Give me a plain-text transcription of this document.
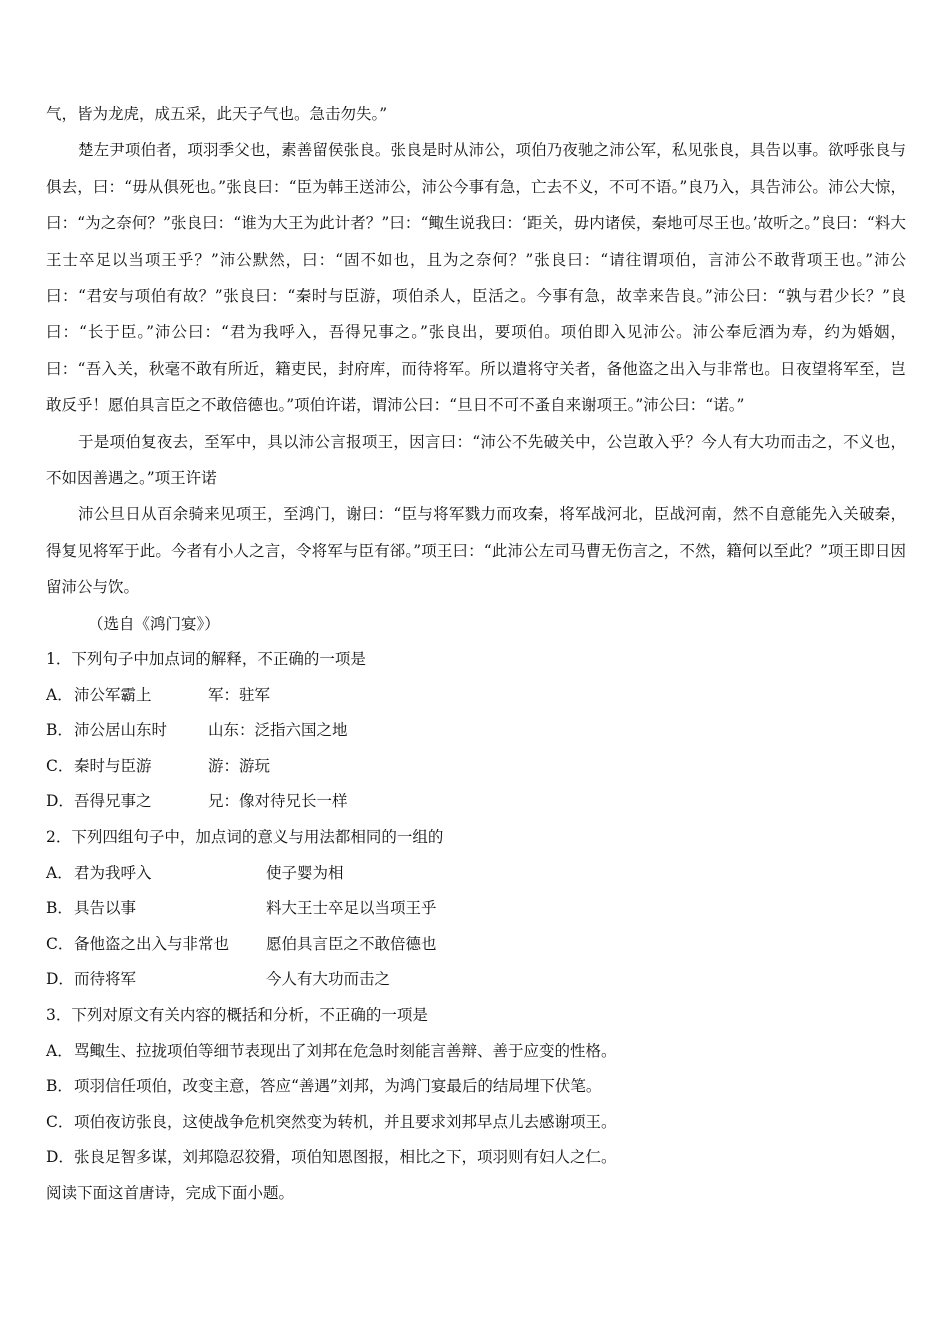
气，皆为龙虎，成五采，此天子气也。急击勿失。”

楚左尹项伯者，项羽季父也，素善留侯张良。张良是时从沛公，项伯乃夜驰之沛公军，私见张良，具告以事。欲呼张良与俱去，曰：“毋从俱死也。”张良曰：“臣为韩王送沛公，沛公今事有急，亡去不义，不可不语。”良乃入，具告沛公。沛公大惊，曰：“为之奈何？”张良曰：“谁为大王为此计者？”曰：“鲰生说我曰：‘距关，毋内诸侯，秦地可尽王也。’故听之。”良曰：“料大王士卒足以当项王乎？”沛公默然，曰：“固不如也，且为之奈何？”张良曰：“请往谓项伯，言沛公不敢背项王也。”沛公曰：“君安与项伯有故？”张良曰：“秦时与臣游，项伯杀人，臣活之。今事有急，故幸来告良。”沛公曰：“孰与君少长？”良曰：“长于臣。”沛公曰：“君为我呼入，吾得兄事之。”张良出，要项伯。项伯即入见沛公。沛公奉卮酒为寿，约为婚姻，曰：“吾入关，秋毫不敢有所近，籍吏民，封府库，而待将军。所以遣将守关者，备他盗之出入与非常也。日夜望将军至，岂敢反乎！愿伯具言臣之不敢倍德也。”项伯许诺，谓沛公曰：“旦日不可不蚤自来谢项王。”沛公曰：“诺。”

于是项伯复夜去，至军中，具以沛公言报项王，因言曰：“沛公不先破关中，公岂敢入乎？今人有大功而击之，不义也，不如因善遇之。”项王许诺

沛公旦日从百余骑来见项王，至鸿门，谢曰：“臣与将军戮力而攻秦，将军战河北，臣战河南，然不自意能先入关破秦，得复见将军于此。今者有小人之言，令将军与臣有郤。”项王曰：“此沛公左司马曹无伤言之，不然，籍何以至此？”项王即日因留沛公与饮。

（选自《鸿门宴》）

1．下列句子中加点词的解释，不正确的一项是

A．沛公军霸上	军：驻军

B．沛公居山东时	山东：泛指六国之地

C．秦时与臣游	游：游玩

D．吾得兄事之	兄：像对待兄长一样

2．下列四组句子中，加点词的意义与用法都相同的一组的

A．君为我呼入	使子婴为相

B．具告以事	料大王士卒足以当项王乎

C．备他盗之出入与非常也 愿伯具言臣之不敢倍德也

D．而待将军	今人有大功而击之

3．下列对原文有关内容的概括和分析，不正确的一项是

A．骂鲰生、拉拢项伯等细节表现出了刘邦在危急时刻能言善辩、善于应变的性格。

B．项羽信任项伯，改变主意，答应“善遇”刘邦，为鸿门宴最后的结局埋下伏笔。

C．项伯夜访张良，这使战争危机突然变为转机，并且要求刘邦早点儿去感谢项王。

D．张良足智多谋，刘邦隐忍狡猾，项伯知恩图报，相比之下，项羽则有妇人之仁。

阅读下面这首唐诗，完成下面小题。
